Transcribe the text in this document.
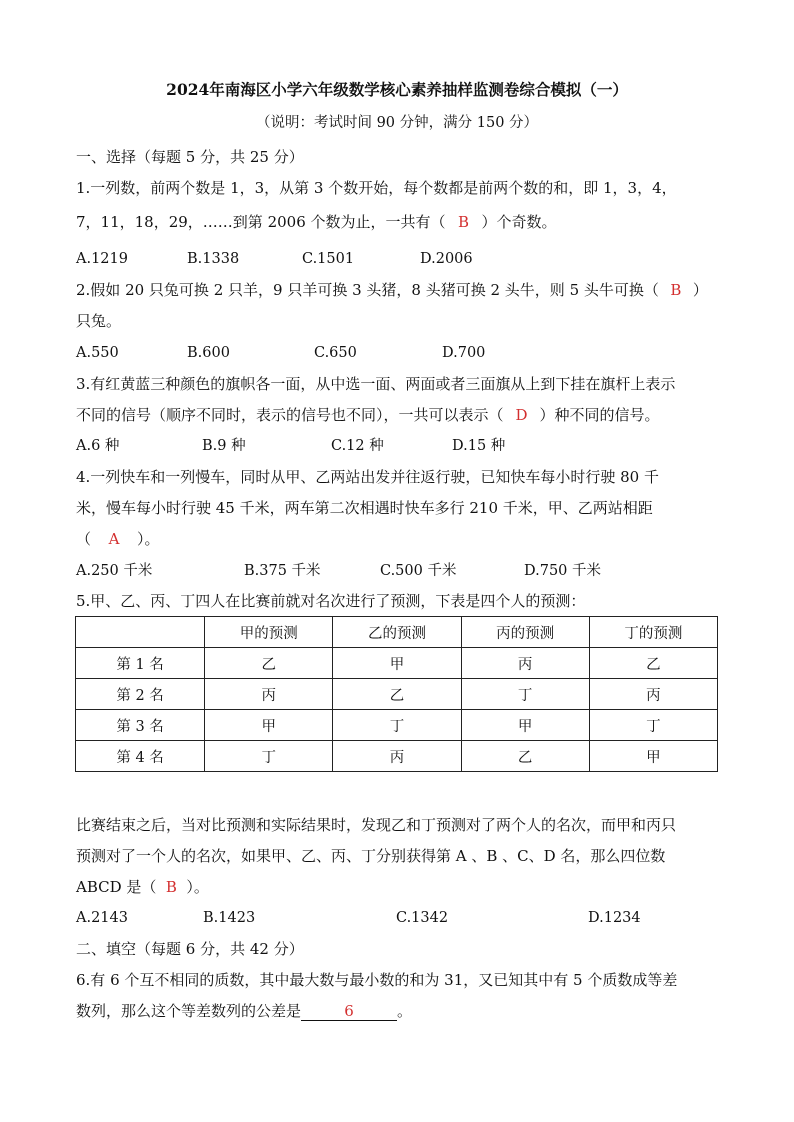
2024年南海区小学六年级数学核心素养抽样监测卷综合模拟（一）
（说明：考试时间 90 分钟，满分 150 分）
一、选择（每题 5 分，共 25 分）
1.一列数，前两个数是 1，3，从第 3 个数开始，每个数都是前两个数的和，即 1，3，4，
7，11，18，29，……到第 2006 个数为止，一共有（ B ）个奇数。
A.1219	B.1338	C.1501	D.2006
2.假如 20 只兔可换 2 只羊，9 只羊可换 3 头猪，8 头猪可换 2 头牛，则 5 头牛可换（ B ）
只兔。
A.550	B.600	C.650	D.700
3.有红黄蓝三种颜色的旗帜各一面，从中选一面、两面或者三面旗从上到下挂在旗杆上表示
不同的信号（顺序不同时，表示的信号也不同），一共可以表示（ D ）种不同的信号。
A.6 种	B.9 种	C.12 种	D.15 种
4.一列快车和一列慢车，同时从甲、乙两站出发并往返行驶，已知快车每小时行驶 80 千
米，慢车每小时行驶 45 千米，两车第二次相遇时快车多行 210 千米，甲、乙两站相距
（ A ）。
A.250 千米	B.375 千米	C.500 千米	D.750 千米
5.甲、乙、丙、丁四人在比赛前就对名次进行了预测，下表是四个人的预测：
	甲的预测	乙的预测	丙的预测	丁的预测
第 1 名	乙	甲	丙	乙
第 2 名	丙	乙	丁	丙
第 3 名	甲	丁	甲	丁
第 4 名	丁	丙	乙	甲
比赛结束之后，当对比预测和实际结果时，发现乙和丁预测对了两个人的名次，而甲和丙只
预测对了一个人的名次，如果甲、乙、丙、丁分别获得第 A 、B 、C、D 名，那么四位数
ABCD 是（ B ）。
A.2143	B.1423	C.1342	D.1234
二、填空（每题 6 分，共 42 分）
6.有 6 个互不相同的质数，其中最大数与最小数的和为 31，又已知其中有 5 个质数成等差
数列，那么这个等差数列的公差是	6	。
